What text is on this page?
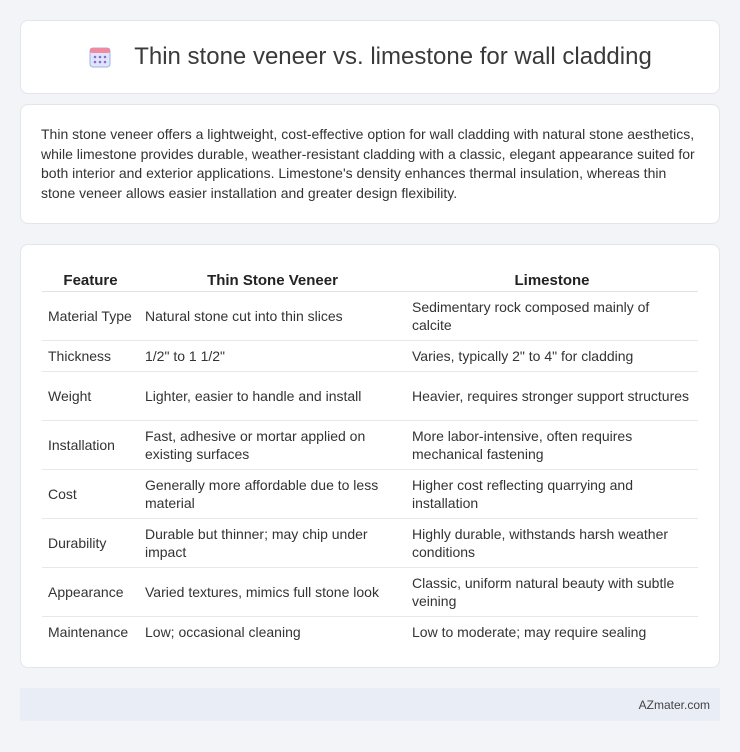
Thin stone veneer vs. limestone for wall cladding

Thin stone veneer offers a lightweight, cost-effective option for wall cladding with natural stone aesthetics, while limestone provides durable, weather-resistant cladding with a classic, elegant appearance suited for both interior and exterior applications. Limestone's density enhances thermal insulation, whereas thin stone veneer allows easier installation and greater design flexibility.

Feature	Thin Stone Veneer	Limestone
Material Type	Natural stone cut into thin slices	Sedimentary rock composed mainly of calcite
Thickness	1/2" to 1 1/2"	Varies, typically 2" to 4" for cladding
Weight	Lighter, easier to handle and install	Heavier, requires stronger support structures
Installation	Fast, adhesive or mortar applied on existing surfaces	More labor-intensive, often requires mechanical fastening
Cost	Generally more affordable due to less material	Higher cost reflecting quarrying and installation
Durability	Durable but thinner; may chip under impact	Highly durable, withstands harsh weather conditions
Appearance	Varied textures, mimics full stone look	Classic, uniform natural beauty with subtle veining
Maintenance	Low; occasional cleaning	Low to moderate; may require sealing
AZmater.com
